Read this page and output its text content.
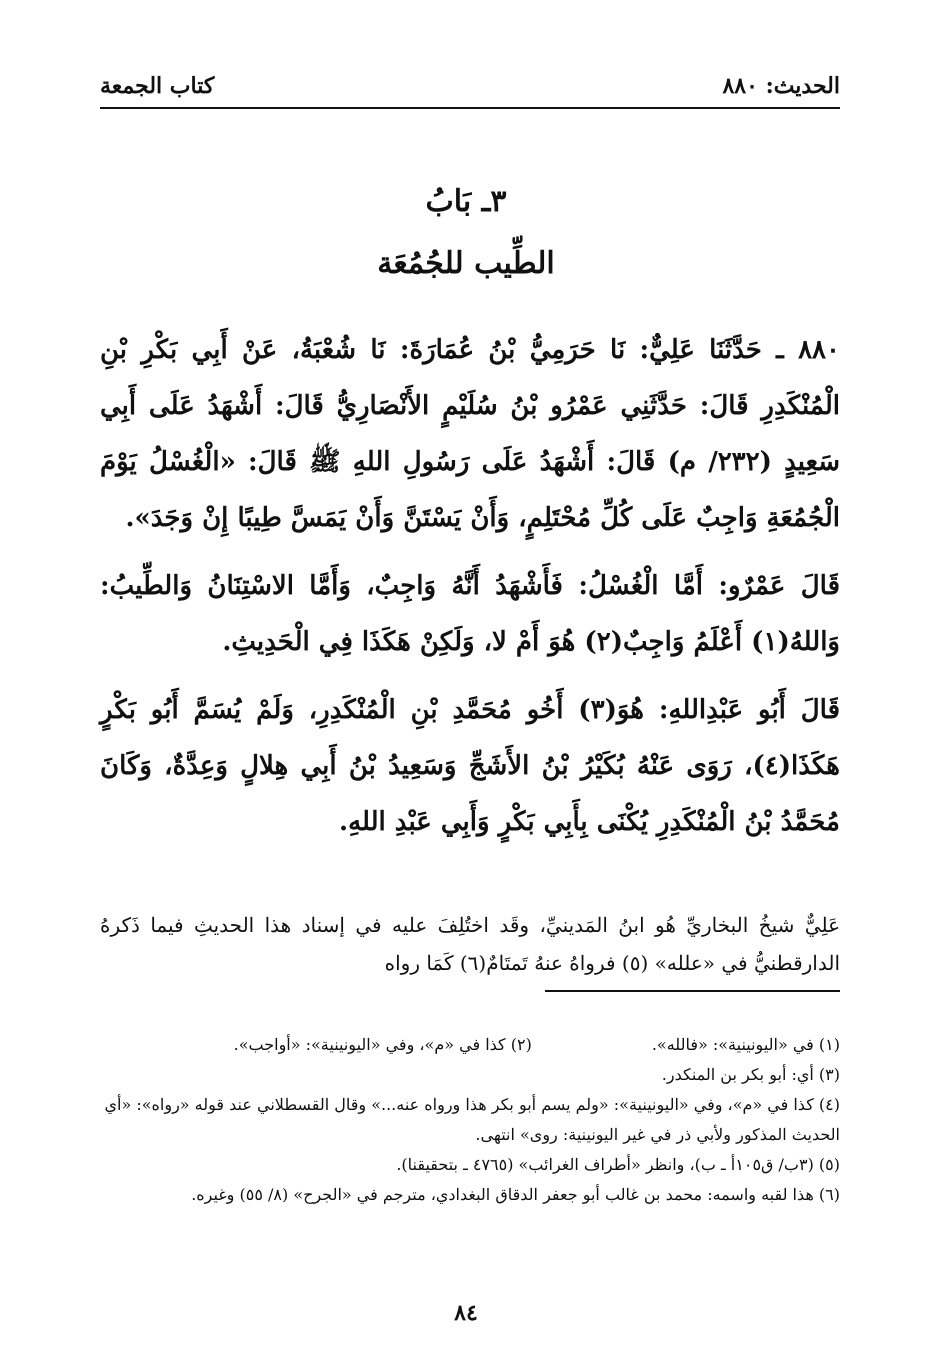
الحديث: ٨٨٠
كتاب الجمعة
٣ـ بَابُ
الطِّيب للجُمُعَة

٨٨٠ ـ حَدَّثَنَا عَلِيٌّ: نَا حَرَمِيُّ بْنُ عُمَارَةَ: نَا شُعْبَةُ، عَنْ أَبِي بَكْرِ بْنِ الْمُنْكَدِرِ قَالَ: حَدَّثَنِي عَمْرُو بْنُ سُلَيْمٍ الأَنْصَارِيُّ قَالَ: أَشْهَدُ عَلَى أَبِي سَعِيدٍ (٢٣٢/ م) قَالَ: أَشْهَدُ عَلَى رَسُولِ اللهِ ﷺ قَالَ: «الْغُسْلُ يَوْمَ الْجُمُعَةِ وَاجِبٌ عَلَى كُلِّ مُحْتَلِمٍ، وَأَنْ يَسْتَنَّ وَأَنْ يَمَسَّ طِيبًا إِنْ وَجَدَ».

قَالَ عَمْرٌو: أَمَّا الْغُسْلُ: فَأَشْهَدُ أَنَّهُ وَاجِبٌ، وَأَمَّا الاسْتِنَانُ وَالطِّيبُ: وَاللهُ(١) أَعْلَمُ وَاجِبٌ(٢) هُوَ أَمْ لا، وَلَكِنْ هَكَذَا فِي الْحَدِيثِ.

قَالَ أَبُو عَبْدِاللهِ: هُوَ(٣) أَخُو مُحَمَّدِ بْنِ الْمُنْكَدِرِ، وَلَمْ يُسَمَّ أَبُو بَكْرٍ هَكَذَا(٤)، رَوَى عَنْهُ بُكَيْرُ بْنُ الأَشَجِّ وَسَعِيدُ بْنُ أَبِي هِلالٍ وَعِدَّةٌ، وَكَانَ مُحَمَّدُ بْنُ الْمُنْكَدِرِ يُكْنَى بِأَبِي بَكْرٍ وَأَبِي عَبْدِ اللهِ.

عَلِيٌّ شيخُ البخاريِّ هُو ابنُ المَدينيِّ، وقَد اختُلِفَ عليه في إسناد هذا الحديثِ فيما ذَكرهُ الدارقطنيُّ في «علله» (٥) فرواهُ عنهُ تَمتَامٌ(٦) كَمَا رواه

(١) في «اليونينية»: «فالله».
(٢) كذا في «م»، وفي «اليونينية»: «أواجب».
(٣) أي: أبو بكر بن المنكدر.
(٤) كذا في «م»، وفي «اليونينية»: «ولم يسم أبو بكر هذا ورواه عنه...» وقال القسطلاني عند قوله «رواه»: «أي الحديث المذكور ولأبي ذر في غير اليونينية: روى» انتهى.
(٥) (٣ب/ ق١٠٥أ ـ ب)، وانظر «أطراف الغرائب» (٤٧٦٥ ـ بتحقيقنا).
(٦) هذا لقبه واسمه: محمد بن غالب أبو جعفر الدقاق البغدادي، مترجم في «الجرح» (٨/ ٥٥) وغيره.
٨٤
